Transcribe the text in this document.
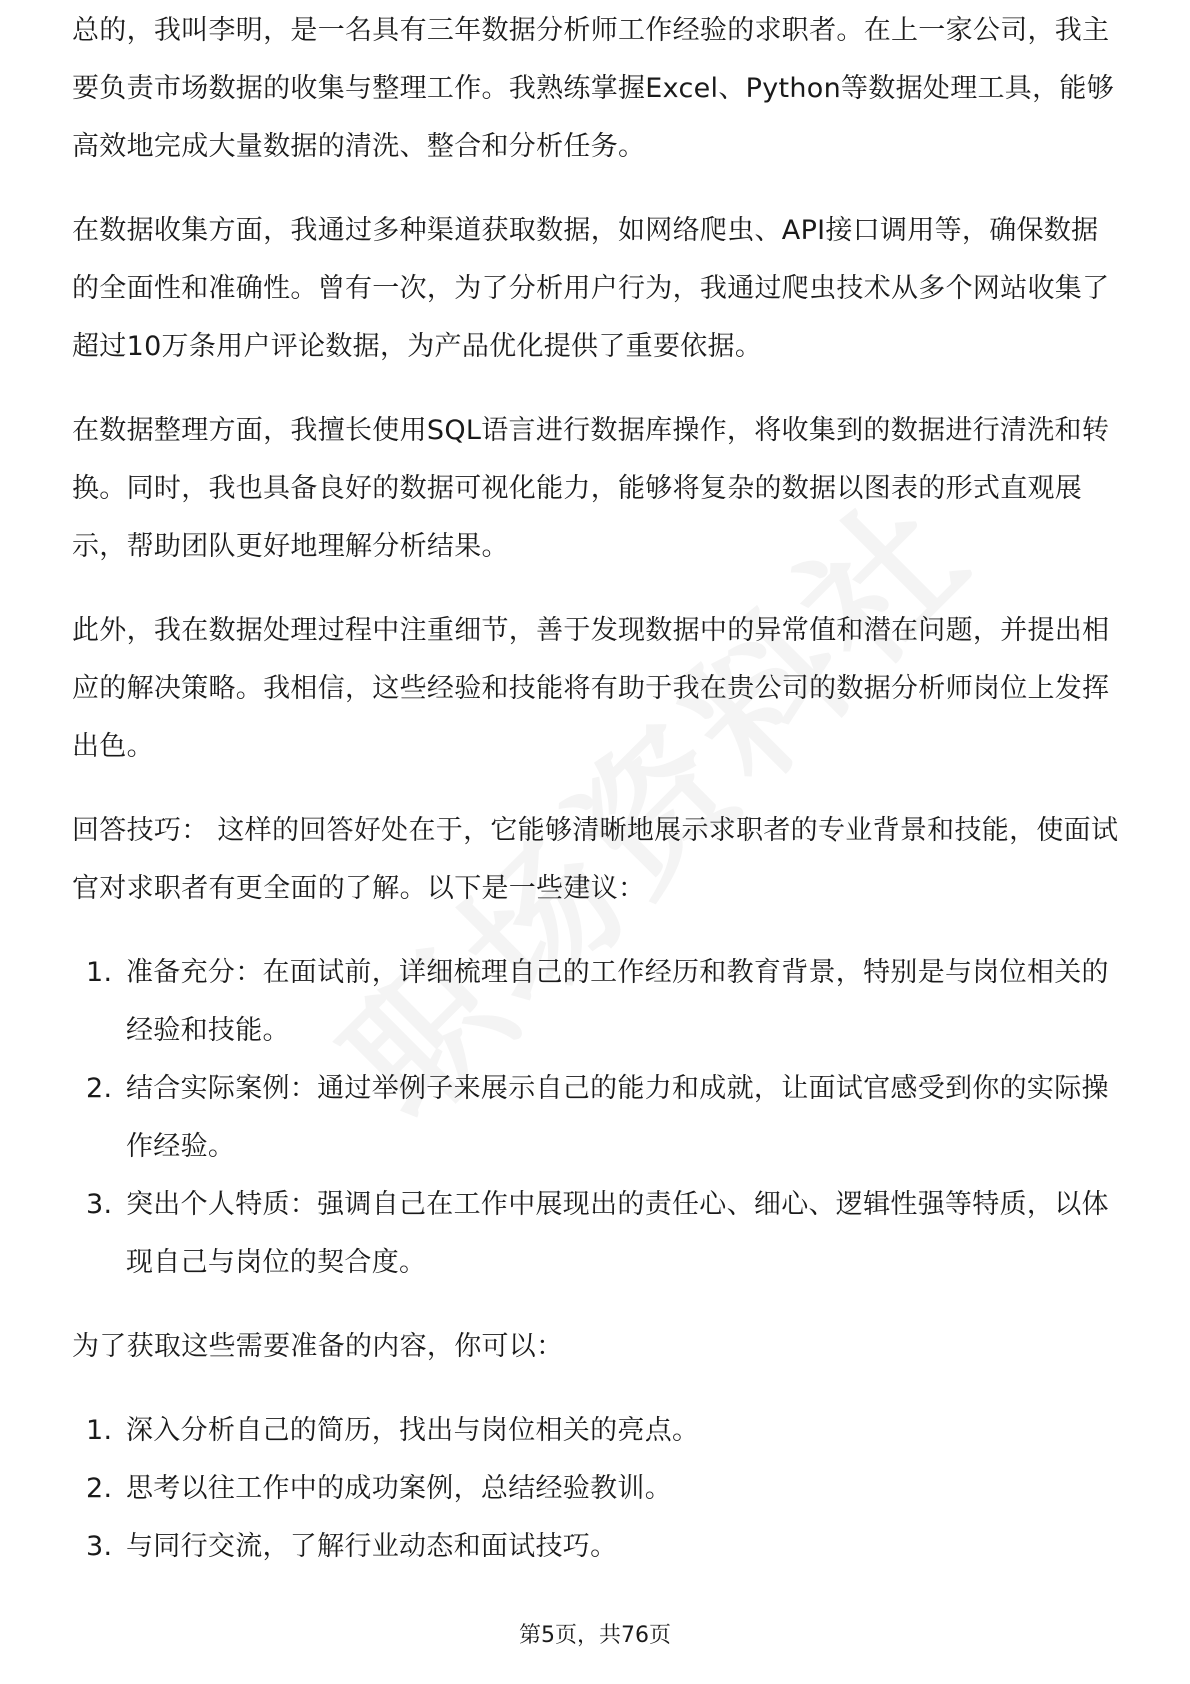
总的，我叫李明，是一名具有三年数据分析师工作经验的求职者。在上一家公司，我主要负责市场数据的收集与整理工作。我熟练掌握Excel、Python等数据处理工具，能够高效地完成大量数据的清洗、整合和分析任务。

在数据收集方面，我通过多种渠道获取数据，如网络爬虫、API接口调用等，确保数据的全面性和准确性。曾有一次，为了分析用户行为，我通过爬虫技术从多个网站收集了超过10万条用户评论数据，为产品优化提供了重要依据。

在数据整理方面，我擅长使用SQL语言进行数据库操作，将收集到的数据进行清洗和转换。同时，我也具备良好的数据可视化能力，能够将复杂的数据以图表的形式直观展示，帮助团队更好地理解分析结果。

此外，我在数据处理过程中注重细节，善于发现数据中的异常值和潜在问题，并提出相应的解决策略。我相信，这些经验和技能将有助于我在贵公司的数据分析师岗位上发挥出色。

回答技巧： 这样的回答好处在于，它能够清晰地展示求职者的专业背景和技能，使面试官对求职者有更全面的了解。以下是一些建议：

1. 准备充分：在面试前，详细梳理自己的工作经历和教育背景，特别是与岗位相关的经验和技能。
2. 结合实际案例：通过举例子来展示自己的能力和成就，让面试官感受到你的实际操作经验。
3. 突出个人特质：强调自己在工作中展现出的责任心、细心、逻辑性强等特质，以体现自己与岗位的契合度。

为了获取这些需要准备的内容，你可以：

1. 深入分析自己的简历，找出与岗位相关的亮点。
2. 思考以往工作中的成功案例，总结经验教训。
3. 与同行交流，了解行业动态和面试技巧。
第5页，共76页
